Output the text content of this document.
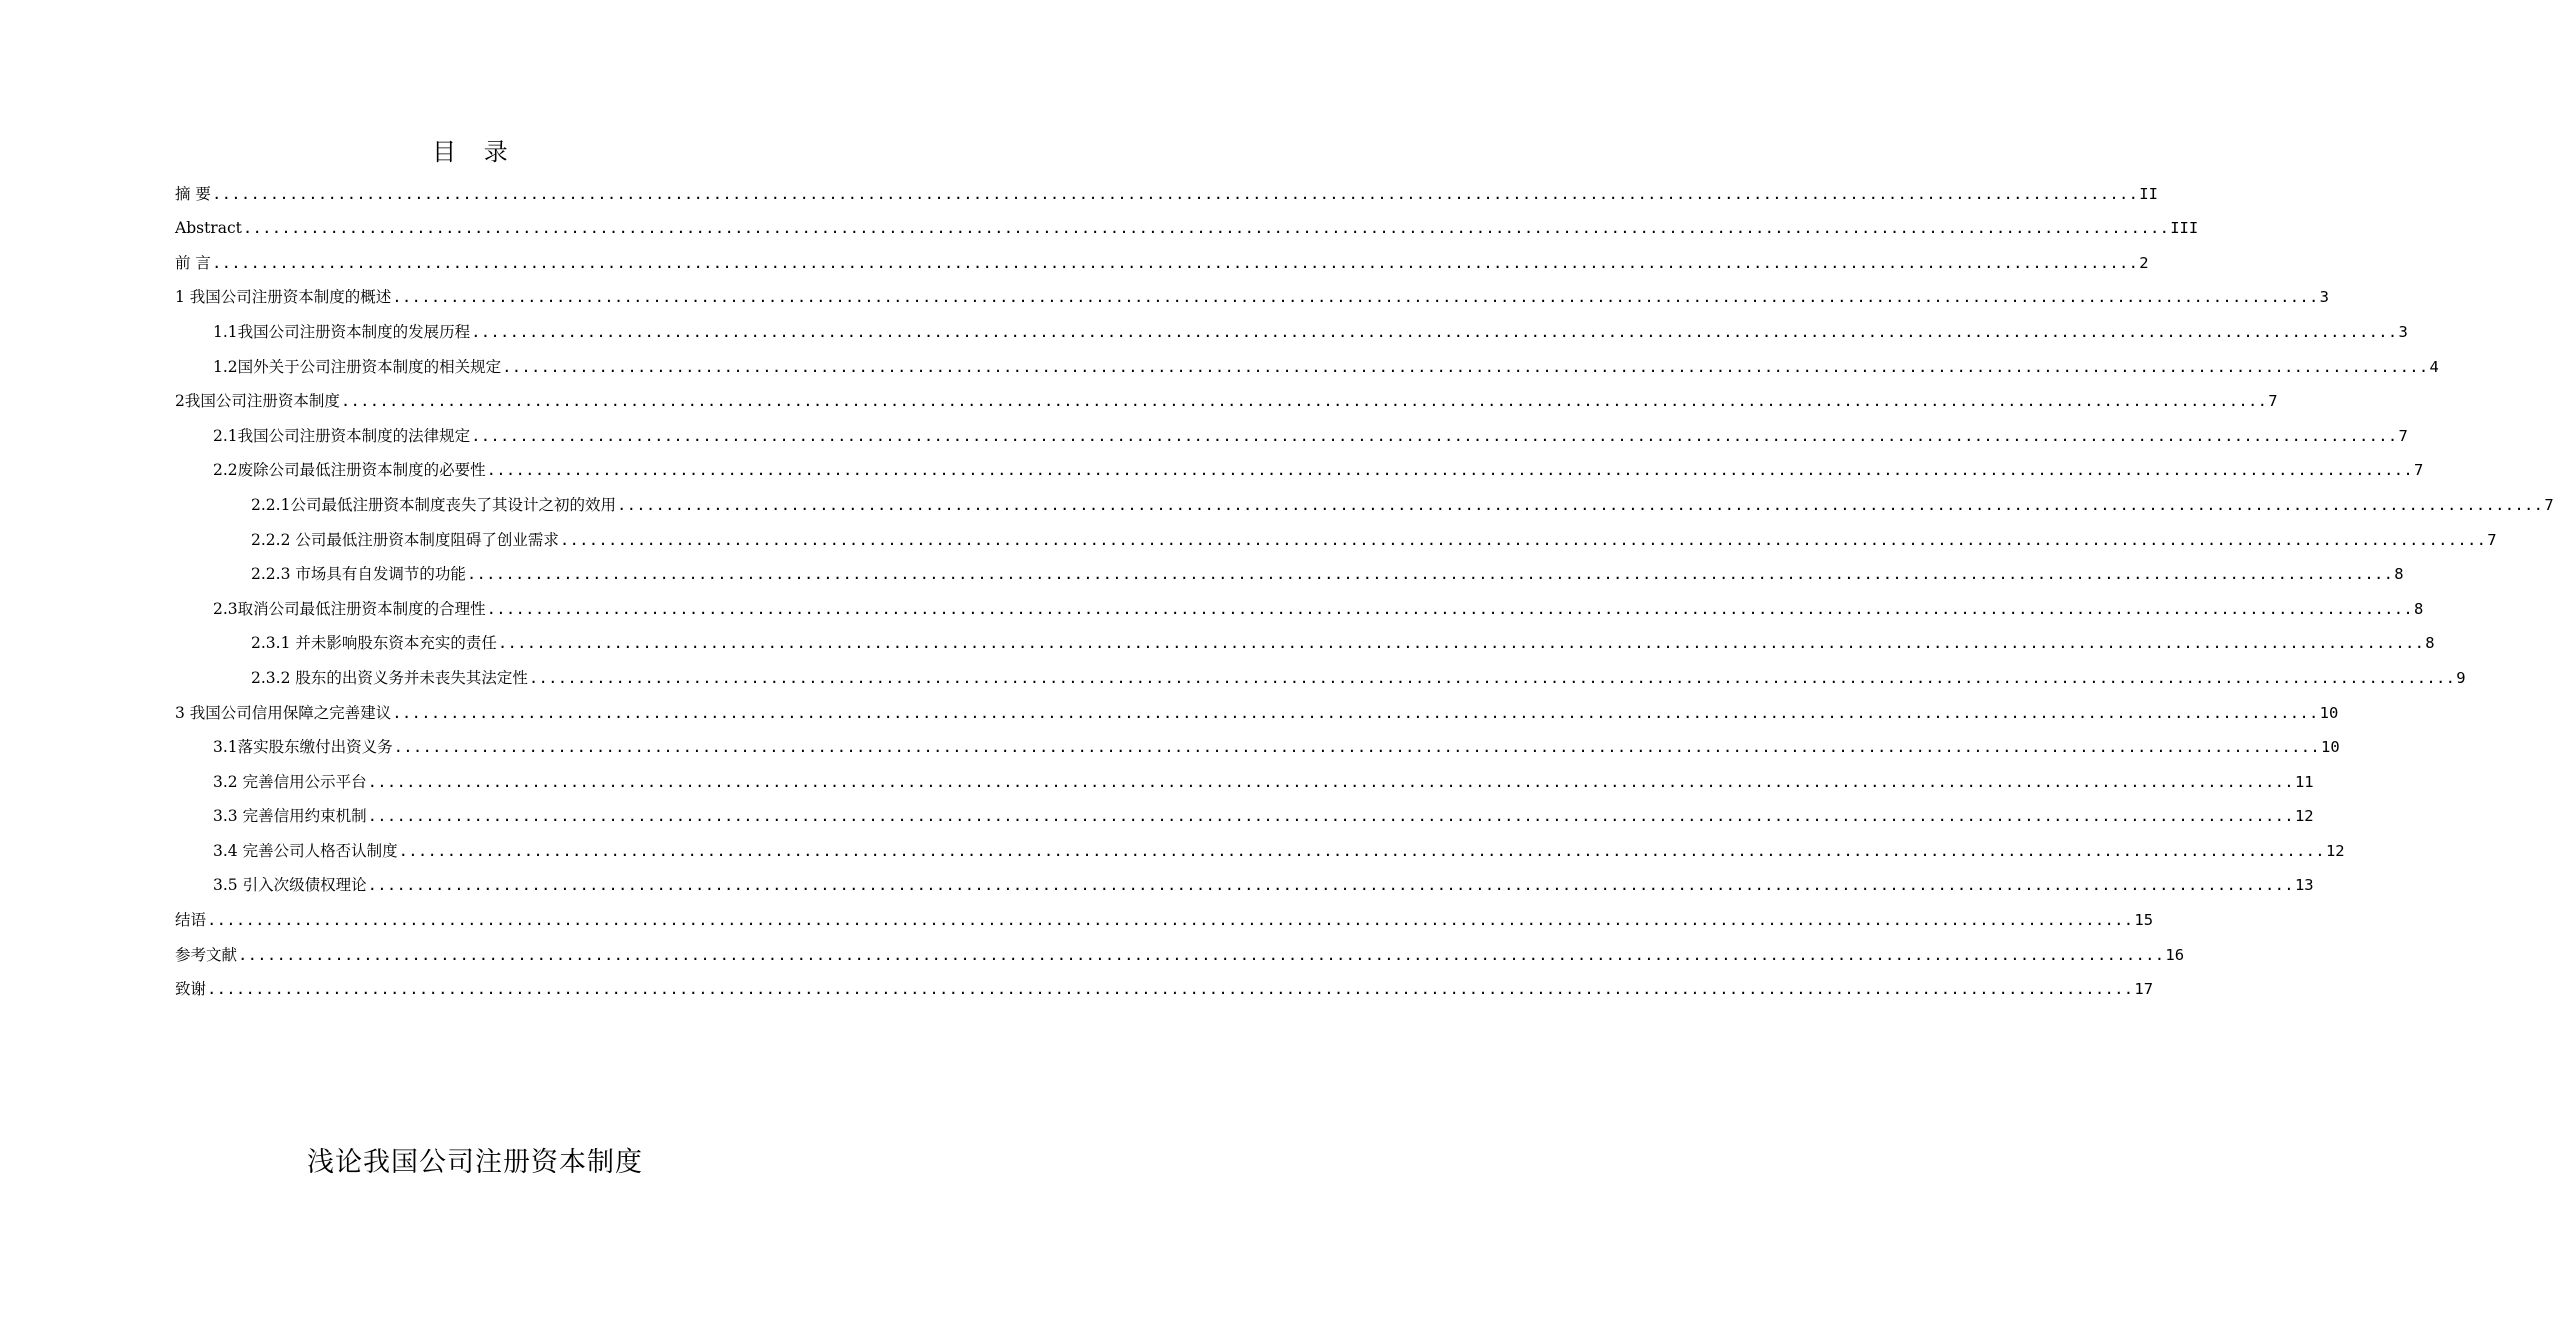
目 录
摘 要 ........................................................................................................................................................................................................ II
Abstract ........................................................................................................................................................................................................ III
前 言 ........................................................................................................................................................................................................ 2
1 我国公司注册资本制度的概述 ........................................................................................................................................................................................................ 3
1.1我国公司注册资本制度的发展历程 ........................................................................................................................................................................................................ 3
1.2国外关于公司注册资本制度的相关规定 ........................................................................................................................................................................................................ 4
2我国公司注册资本制度 ........................................................................................................................................................................................................ 7
2.1我国公司注册资本制度的法律规定 ........................................................................................................................................................................................................ 7
2.2废除公司最低注册资本制度的必要性 ........................................................................................................................................................................................................ 7
2.2.1公司最低注册资本制度丧失了其设计之初的效用 ........................................................................................................................................................................................................ 7
2.2.2 公司最低注册资本制度阻碍了创业需求 ........................................................................................................................................................................................................ 7
2.2.3 市场具有自发调节的功能 ........................................................................................................................................................................................................ 8
2.3取消公司最低注册资本制度的合理性 ........................................................................................................................................................................................................ 8
2.3.1 并未影响股东资本充实的责任 ........................................................................................................................................................................................................ 8
2.3.2 股东的出资义务并未丧失其法定性 ........................................................................................................................................................................................................ 9
3 我国公司信用保障之完善建议 ........................................................................................................................................................................................................ 10
3.1落实股东缴付出资义务 ........................................................................................................................................................................................................ 10
3.2 完善信用公示平台 ........................................................................................................................................................................................................ 11
3.3 完善信用约束机制 ........................................................................................................................................................................................................ 12
3.4 完善公司人格否认制度 ........................................................................................................................................................................................................ 12
3.5 引入次级债权理论 ........................................................................................................................................................................................................ 13
结语 ........................................................................................................................................................................................................ 15
参考文献 ........................................................................................................................................................................................................ 16
致谢 ........................................................................................................................................................................................................ 17
浅论我国公司注册资本制度
